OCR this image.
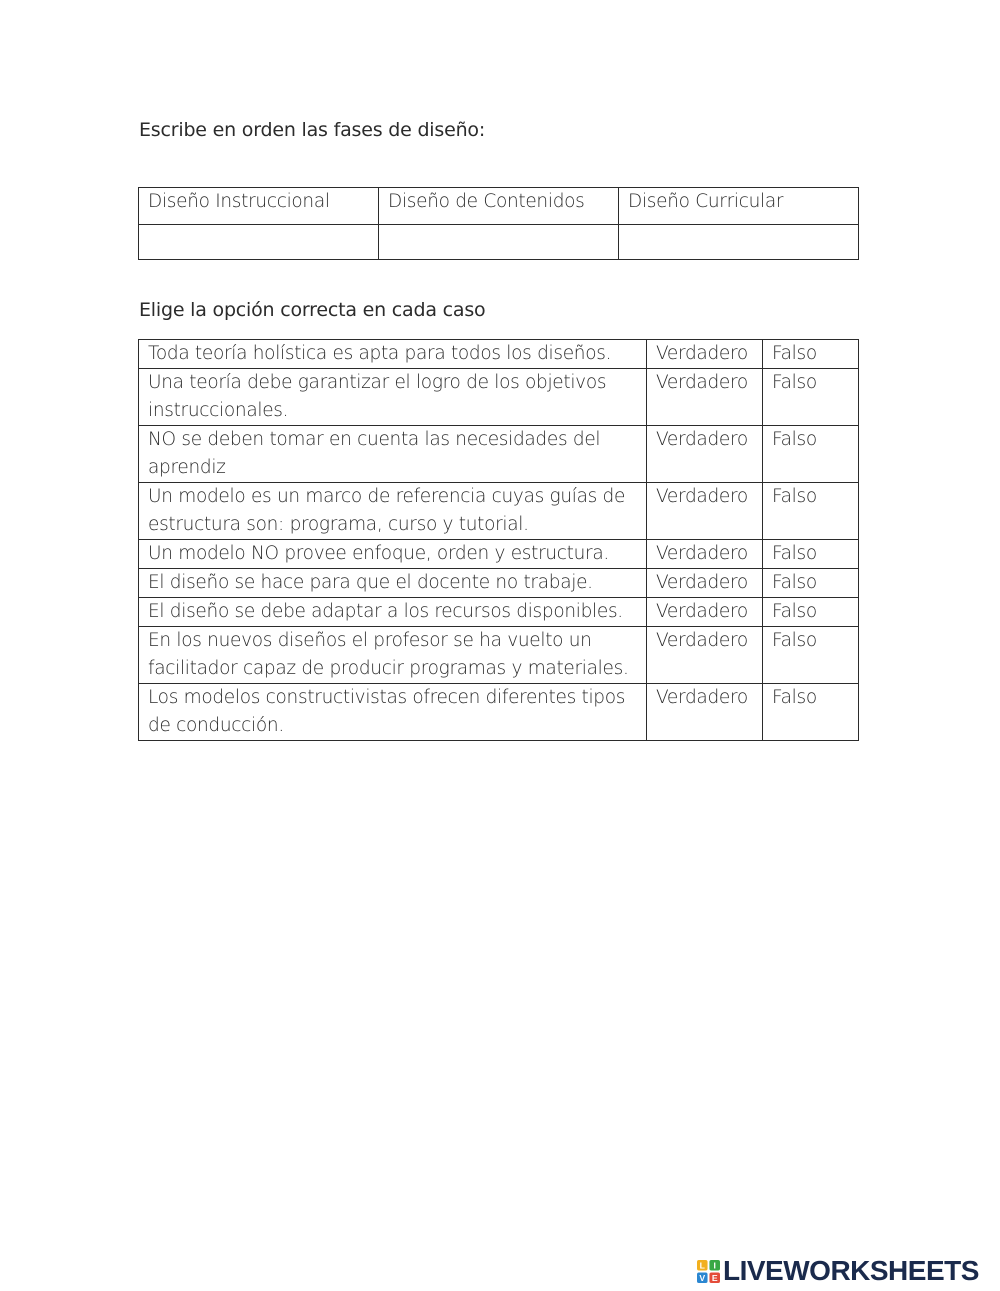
Escribe en orden las fases de diseño:

Diseño Instruccional	Diseño de Contenidos	Diseño Curricular

Elige la opción correcta en cada caso

Toda teoría holística es apta para todos los diseños.	Verdadero	Falso
Una teoría debe garantizar el logro de los objetivos instruccionales.	Verdadero	Falso
NO se deben tomar en cuenta las necesidades del aprendiz	Verdadero	Falso
Un modelo es un marco de referencia cuyas guías de estructura son: programa, curso y tutorial.	Verdadero	Falso
Un modelo NO provee enfoque, orden y estructura.	Verdadero	Falso
El diseño se hace para que el docente no trabaje.	Verdadero	Falso
El diseño se debe adaptar a los recursos disponibles.	Verdadero	Falso
En los nuevos diseños el profesor se ha vuelto un facilitador capaz de producir programas y materiales.	Verdadero	Falso
Los modelos constructivistas ofrecen diferentes tipos de conducción.	Verdadero	Falso
L I
V E LIVEWORKSHEETS
